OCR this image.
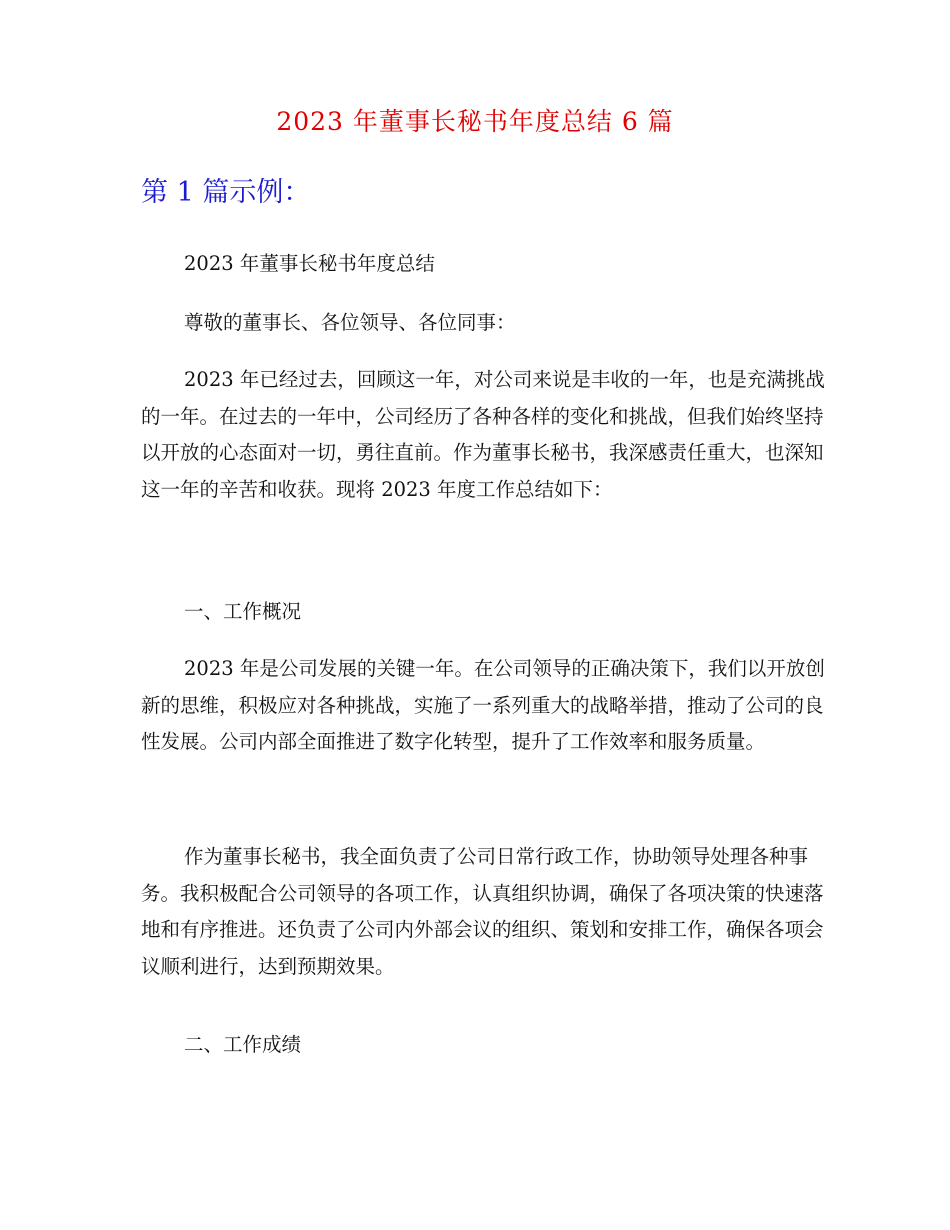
2023 年董事长秘书年度总结 6 篇
第 1 篇示例：

2023 年董事长秘书年度总结

尊敬的董事长、各位领导、各位同事：

2023 年已经过去，回顾这一年，对公司来说是丰收的一年，也是充满挑战的一年。在过去的一年中，公司经历了各种各样的变化和挑战，但我们始终坚持以开放的心态面对一切，勇往直前。作为董事长秘书，我深感责任重大，也深知这一年的辛苦和收获。现将 2023 年度工作总结如下：

一、工作概况

2023 年是公司发展的关键一年。在公司领导的正确决策下，我们以开放创新的思维，积极应对各种挑战，实施了一系列重大的战略举措，推动了公司的良性发展。公司内部全面推进了数字化转型，提升了工作效率和服务质量。

作为董事长秘书，我全面负责了公司日常行政工作，协助领导处理各种事务。我积极配合公司领导的各项工作，认真组织协调，确保了各项决策的快速落地和有序推进。还负责了公司内外部会议的组织、策划和安排工作，确保各项会议顺利进行，达到预期效果。

二、工作成绩
